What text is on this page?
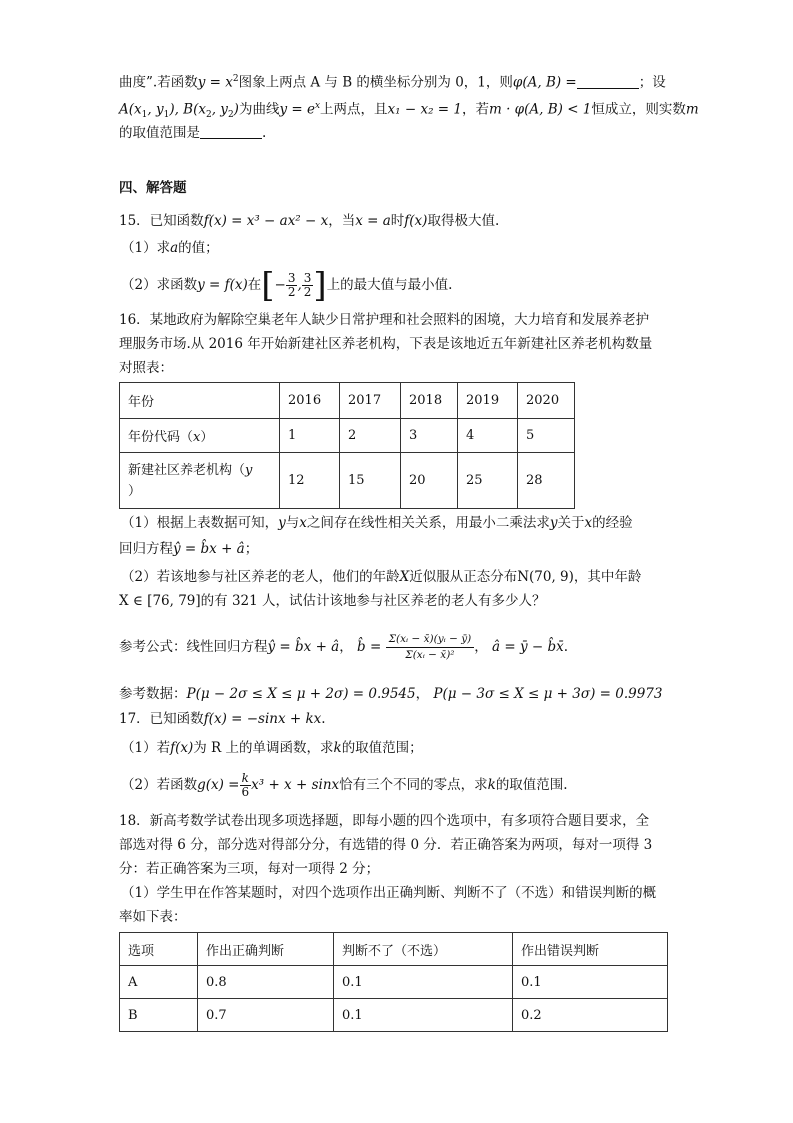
曲度”.若函数$y = x^2$图象上两点 A 与 B 的横坐标分别为 0，1，则φ(A, B) =	；设
$A(x_1$, $y_1$), $B(x_2$, $y_2$)为曲线$y = e^x$上两点，且x₁ − x₂ = 1，若m · φ(A, B) < 1恒成立，则实数m
的取值范围是	.
四、解答题
15．已知函数f(x) = x³ − ax² − x，当x = a时f(x)取得极大值.
（1）求a的值；
（2）求函数y = f(x)在[− $\frac{3}{2}$ , $\frac{3}{2}$ ]上的最大值与最小值.
16．某地政府为解除空巢老年人缺少日常护理和社会照料的困境，大力培育和发展养老护
理服务市场.从 2016 年开始新建社区养老机构，下表是该地近五年新建社区养老机构数量
对照表：
年份	2016	2017	2018	2019	2020
年份代码（x）	1	2	3	4	5
新建社区养老机构（y
）	12	15	20	25	28
（1）根据上表数据可知，y与x之间存在线性相关关系，用最小二乘法求y关于x的经验
回归方程ŷ = b̂x + â；
（2）若该地参与社区养老的老人，他们的年龄X近似服从正态分布N(70, 9)，其中年龄
X ∈ [76, 79]的有 321 人，试估计该地参与社区养老的老人有多少人？
参考公式：线性回归方程ŷ = b̂x + â， b̂ = $\frac{\text{Σ(xᵢ − x̄)(yᵢ − ȳ)}}{\text{Σ(xᵢ − x̄)²}}$ ， â = ȳ − b̂x̄.
参考数据：P(μ − 2σ ≤ X ≤ μ + 2σ) = 0.9545， P(μ − 3σ ≤ X ≤ μ + 3σ) = 0.9973
17．已知函数f(x) = −sinx + kx.
（1）若f(x)为 R 上的单调函数，求k的取值范围；
（2）若函数$g(x) = \frac{k}{6} x^3 + x + \sin x$恰有三个不同的零点，求k的取值范围.
18．新高考数学试卷出现多项选择题，即每小题的四个选项中，有多项符合题目要求，全
部选对得 6 分，部分选对得部分分，有选错的得 0 分．若正确答案为两项，每对一项得 3
分：若正确答案为三项，每对一项得 2 分；
（1）学生甲在作答某题时，对四个选项作出正确判断、判断不了（不选）和错误判断的概
率如下表：
选项	作出正确判断	判断不了（不选）	作出错误判断
A	0.8	0.1	0.1
B	0.7	0.1	0.2
